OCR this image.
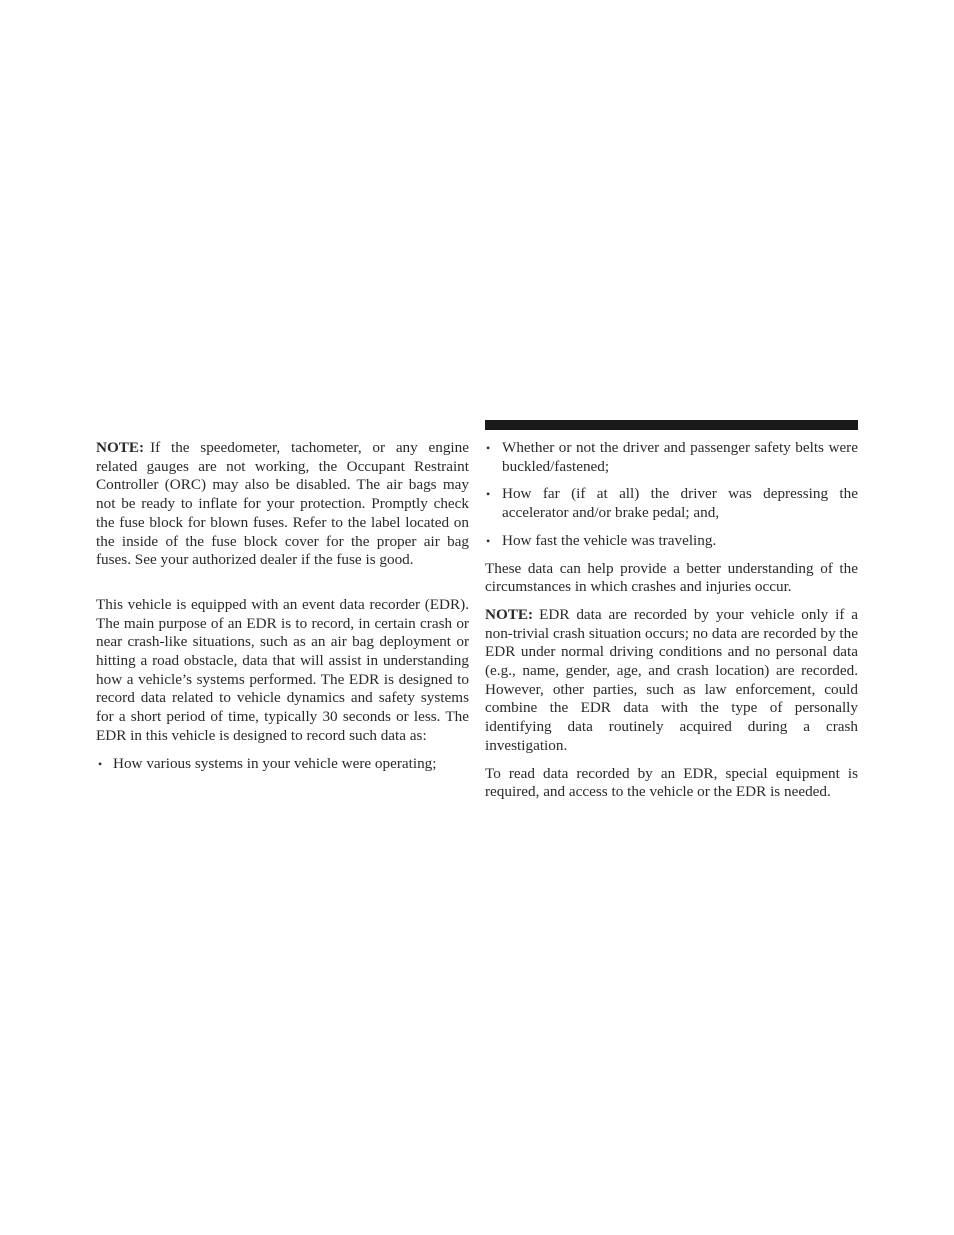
NOTE: If the speedometer, tachometer, or any engine related gauges are not working, the Occupant Restraint Controller (ORC) may also be disabled. The air bags may not be ready to inflate for your protection. Promptly check the fuse block for blown fuses. Refer to the label located on the inside of the fuse block cover for the proper air bag fuses. See your authorized dealer if the fuse is good.

This vehicle is equipped with an event data recorder (EDR). The main purpose of an EDR is to record, in certain crash or near crash-like situations, such as an air bag deployment or hitting a road obstacle, data that will assist in understanding how a vehicle’s systems performed. The EDR is designed to record data related to vehicle dynamics and safety systems for a short period of time, typically 30 seconds or less. The EDR in this vehicle is designed to record such data as:

• How various systems in your vehicle were operating;

• Whether or not the driver and passenger safety belts were buckled/fastened;

• How far (if at all) the driver was depressing the accelerator and/or brake pedal; and,

• How fast the vehicle was traveling.

These data can help provide a better understanding of the circumstances in which crashes and injuries occur.

NOTE: EDR data are recorded by your vehicle only if a non-trivial crash situation occurs; no data are recorded by the EDR under normal driving conditions and no personal data (e.g., name, gender, age, and crash location) are recorded. However, other parties, such as law enforcement, could combine the EDR data with the type of personally identifying data routinely acquired during a crash investigation.

To read data recorded by an EDR, special equipment is required, and access to the vehicle or the EDR is needed.
